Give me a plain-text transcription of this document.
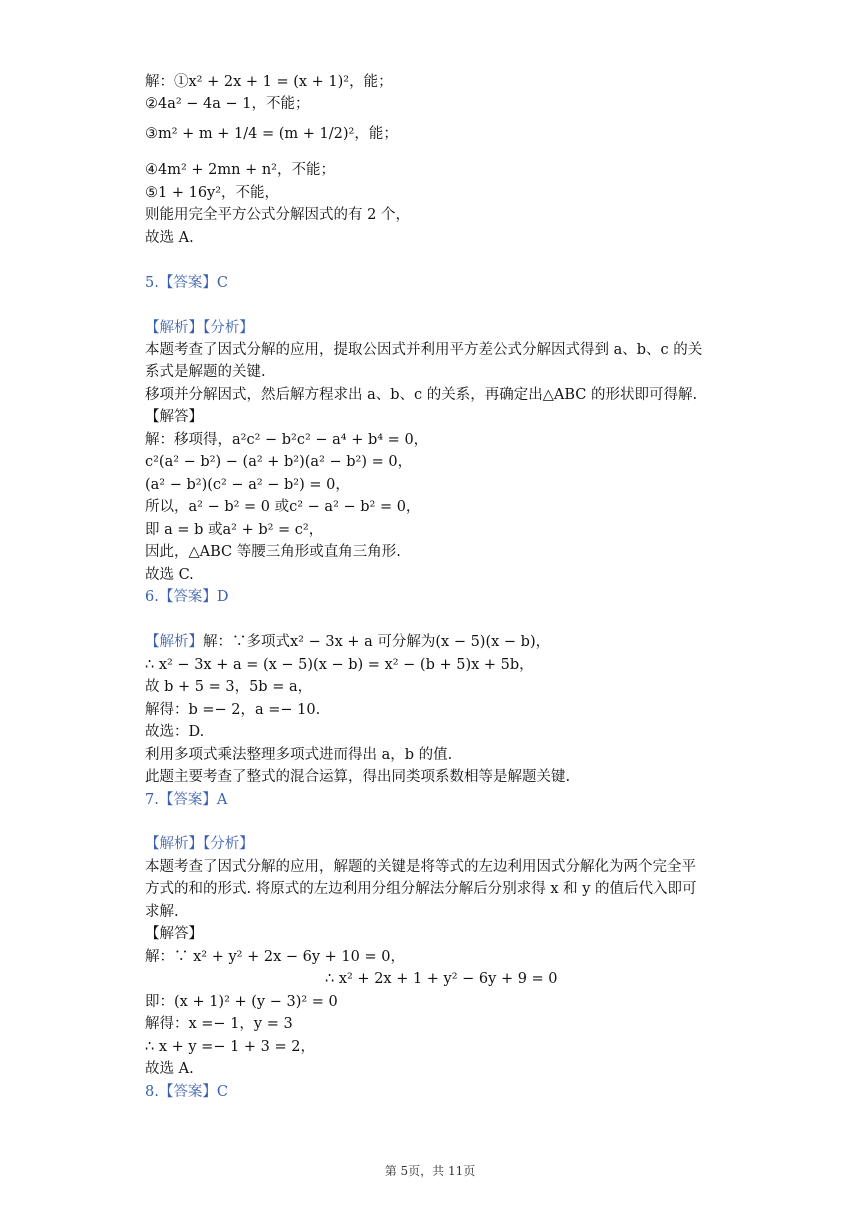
解：①x² + 2x + 1 = (x + 1)²，能；
②4a² − 4a − 1，不能；
③m² + m + 1/4 = (m + 1/2)²，能；
④4m² + 2mn + n²，不能；
⑤1 + 16y²，不能，
则能用完全平方公式分解因式的有 2 个，
故选 A.
5.【答案】C
【解析】【分析】
本题考查了因式分解的应用，提取公因式并利用平方差公式分解因式得到 a、b、c 的关
系式是解题的关键.
移项并分解因式，然后解方程求出 a、b、c 的关系，再确定出△ABC 的形状即可得解.
【解答】
解：移项得，a²c² − b²c² − a⁴ + b⁴ = 0，
c²(a² − b²) − (a² + b²)(a² − b²) = 0，
(a² − b²)(c² − a² − b²) = 0，
所以，a² − b² = 0 或c² − a² − b² = 0，
即 a = b 或a² + b² = c²，
因此，△ABC 等腰三角形或直角三角形.
故选 C.
6.【答案】D
【解析】解：∵多项式x² − 3x + a 可分解为(x − 5)(x − b)，
∴ x² − 3x + a = (x − 5)(x − b) = x² − (b + 5)x + 5b，
故 b + 5 = 3，5b = a，
解得：b =− 2，a =− 10.
故选：D.
利用多项式乘法整理多项式进而得出 a，b 的值.
此题主要考查了整式的混合运算，得出同类项系数相等是解题关键.
7.【答案】A
【解析】【分析】
本题考查了因式分解的应用，解题的关键是将等式的左边利用因式分解化为两个完全平
方式的和的形式. 将原式的左边利用分组分解法分解后分别求得 x 和 y 的值后代入即可
求解.
【解答】
解：∵ x² + y² + 2x − 6y + 10 = 0，
∴ x² + 2x + 1 + y² − 6y + 9 = 0
即：(x + 1)² + (y − 3)² = 0
解得：x =− 1，y = 3
∴ x + y =− 1 + 3 = 2，
故选 A.
8.【答案】C
第 5页，共 11页
